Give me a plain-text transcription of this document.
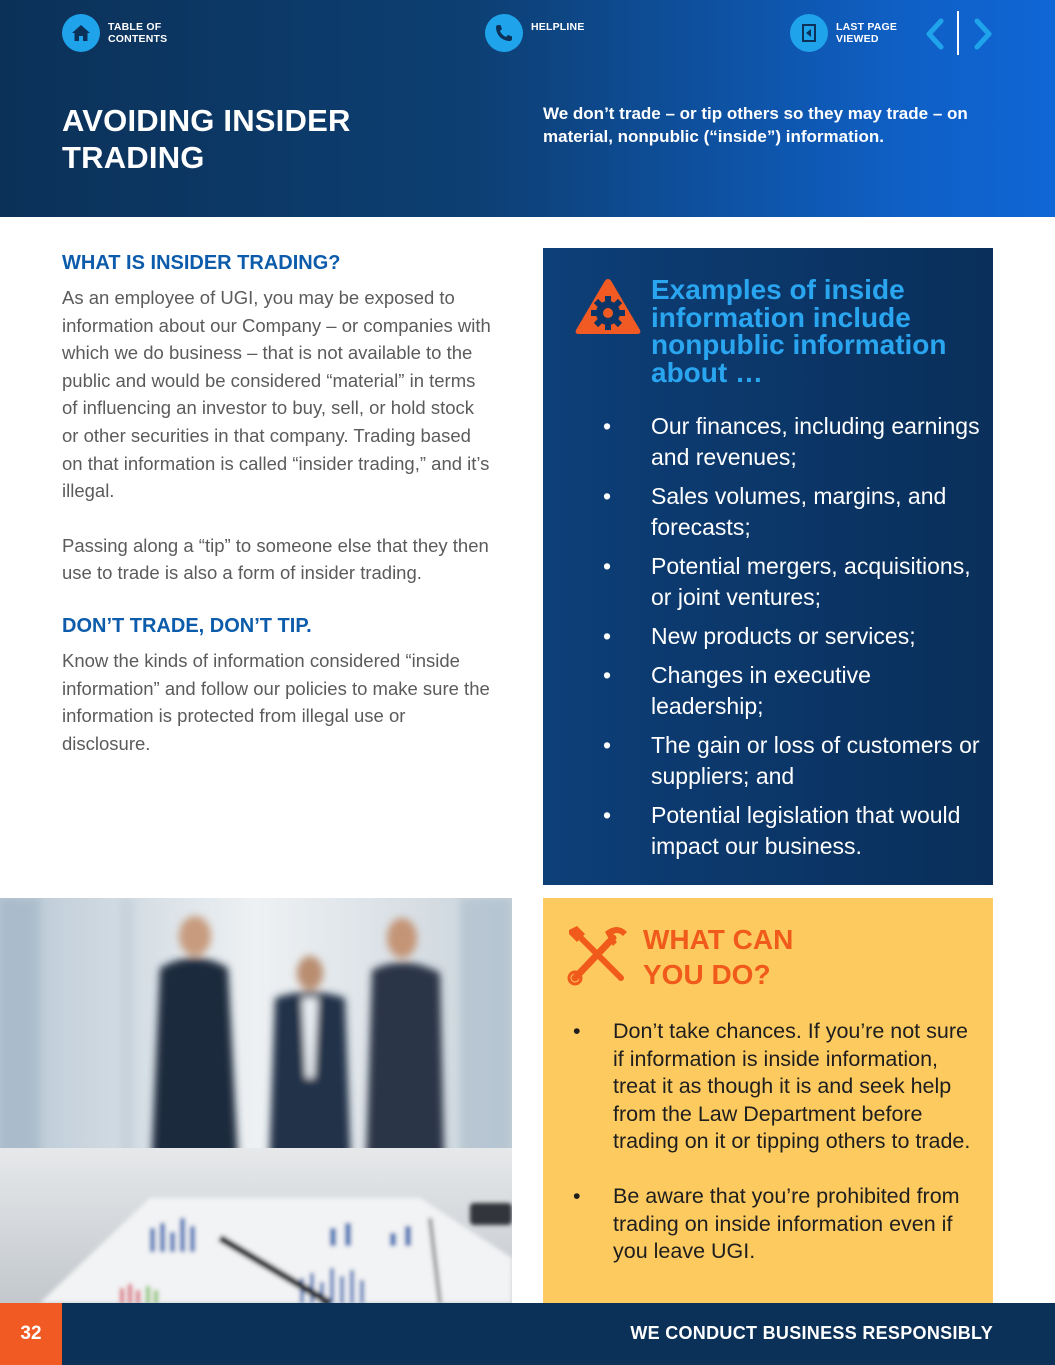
TABLE OF
CONTENTS
HELPLINE	LAST PAGE
VIEWED
AVOIDING INSIDER
TRADING
We don’t trade – or tip others so they may trade – on material, nonpublic (“inside”) information.
WHAT IS INSIDER TRADING?

As an employee of UGI, you may be exposed to information about our Company – or companies with which we do business – that is not available to the public and would be considered “material” in terms of influencing an investor to buy, sell, or hold stock or other securities in that company. Trading based on that information is called “insider trading,” and it’s illegal.

Passing along a “tip” to someone else that they then use to trade is also a form of insider trading.

DON’T TRADE, DON’T TIP.

Know the kinds of information considered “inside information” and follow our policies to make sure the information is protected from illegal use or disclosure.

Examples of inside information include nonpublic information about …
• Our finances, including earnings and revenues;
• Sales volumes, margins, and forecasts;
• Potential mergers, acquisitions, or joint ventures;
• New products or services;
• Changes in executive leadership;
• The gain or loss of customers or suppliers; and
• Potential legislation that would impact our business.
WHAT CAN
YOU DO?
• Don’t take chances. If you’re not sure if information is inside information, treat it as though it is and seek help from the Law Department before trading on it or tipping others to trade.
• Be aware that you’re prohibited from trading on inside information even if you leave UGI.
32	WE CONDUCT BUSINESS RESPONSIBLY
